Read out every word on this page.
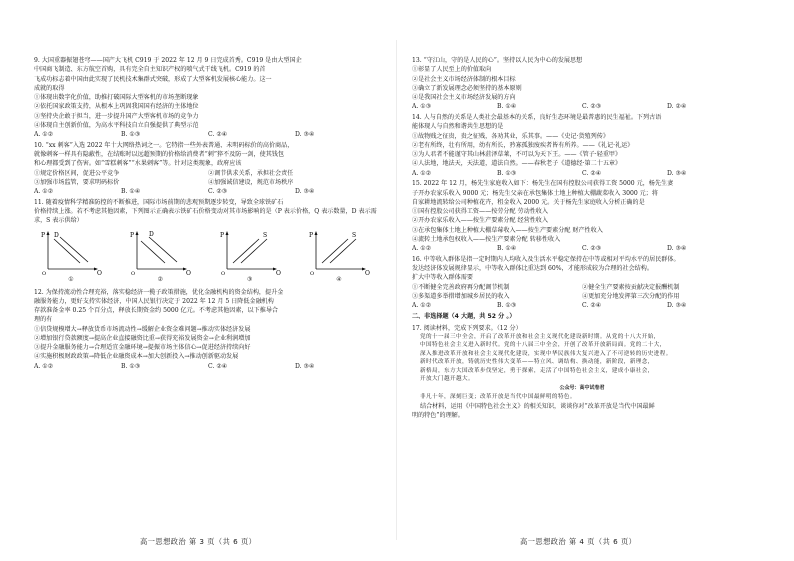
9. 大国重器振翅苍穹——国产大飞机 C919 于 2022 年 12 月 9 日完成首秀。C919 是由大型国企
中国商飞制造、东方航空首购，具有完全自主知识产权的喷气式干线飞机。C919 的首
飞成功标志着中国由此实现了民机技术集群式突破，形成了大型客机发展核心能力。这一
成就的取得
①体现出数字化价值，助推打破国际大型客机的市场垄断现象
②依托国家政策支持，从根本上巩固我国国有经济的主体地位
③坚持央企敢于担当，进一步提升国产大型客机市场的竞争力
④体现自主创新价值，为高水平科技自立自强提供了典型示范
A. ①②	B. ①③	C. ②④	D. ③④
10. “xx 刺客”入选 2022 年十大网络热词之一。它特指一些外表普通、未明码标价的高价商品，
就像刺客一样具有隐蔽性，在结账时以远超预期的价格给消费者“刺”猝不及防一剑，使其钱包
和心理都受到了伤害。如“雪糕刺客”“水果刺客”等。针对这类现象，政府应该
①规定价格区间，促进公平竞争	②调节供求关系，承担社会责任
③加强市场监管，要求明码标价	④加强诚信建设，规范市场秩序
A. ①②	B. ①④	C. ②③	D. ③④
11. 随着疫情科学精准防控的不断推进，国际市场前期的悲观预期逐步转变，导致全球铁矿石
价格持续上涨。若不考虑其他因素，下列图示正确表示铁矿石价格变动对其市场影响的是（P 表示价格，Q 表示数量，D 表示需求，S 表示供给）
P
Q
O
D
①
P
Q
O
D
②
P
Q
O
S
③
P
Q
O
S
④
12. 为保持流动性合理充裕，落实稳经济一揽子政策措施，优化金融机构的资金结构，提升金
融服务能力，更好支持实体经济，中国人民银行决定于 2022 年 12 月 5 日降低金融机构
存款准备金率 0.25 个百分点，释放长期资金约 5000 亿元。不考虑其他因素，以下推导合
理的有
①信贷规模增大→释放货币市场流动性→缓解企业资金难问题→推动实体经济发展
②增加银行贷款额度→提高企业直接融资比重→获得充裕发展资金→企业利润增加
③提升金融服务能力→合理适宜金融环境→提振市场主体信心→促进经济持续向好
④实施积极财政政策→降低企业融资成本→加大创新投入→推动创新驱动发展
A. ①②	B. ①③	C. ②④	D. ③④
13. “守江山，守的是人民的心”。坚持以人民为中心的发展思想
①彰显了人民至上的价值取向
②是社会主义市场经济体制的根本目标
③确立了新发展理念必须坚持的基本原则
④是我国社会主义市场经济发展的方向
A. ①③	B. ①④	C. ②③	D. ②④
14. 人与自然的关系是人类社会最基本的关系，良好生态环境是最普惠的民生福祉。下列古语
能体现人与自然和谐共生思想的是
①故物贱之征贵，贵之征贱，各劝其业，乐其事。——《史记·货殖列传》
②老有所终，壮有所用，幼有所长，矜寡孤独废疾者皆有所养。——《礼记·礼运》
③为人君者不能谨守其山林菹泽草莱，不可以为天下王。——《管子·轻重甲》
④人法地，地法天，天法道，道法自然。——春秋老子《道德经·第二十五章》
A. ①②	B. ①③	C. ②④	D. ③④
15. 2022 年 12 月，杨先生家庭收入如下：杨先生在国有控股公司获得工资 5000 元，杨先生妻
子开办农家乐收入 9000 元；杨先生父亲在承包集体土地上种植大棚蔬菜收入 3000 元；将
自家耕地流转给公司种植花卉，租金收入 2000 元。关于杨先生家庭收入分析正确的是
①国有控股公司获得工资——按劳分配 劳动性收入
②开办农家乐收入——按生产要素分配 经营性收入
③在承包集体土地上种植大棚草莓收入——按生产要素分配 财产性收入
④流转土地承包权收入——按生产要素分配 转移性收入
A. ①②	B. ①④	C. ②③	D. ③④
16. 中等收入群体是指一定时期内人均收入及生活水平稳定保持在中等或相对平均水平的居民群体。
发达经济体发展规律显示，中等收入群体比重达到 60%，才能形成较为合理的社会结构。
扩大中等收入群体需要
①不断健全完善政府再分配调节机制	②健全生产要素按贡献决定报酬机制
③多渠道多举措增加城乡居民的收入	④更加充分地发挥第三次分配的作用
A. ①②	B. ①③	C. ②④	D. ③④
二、非选择题（4 大题，共 52 分 。）
17. 阅读材料，完成下列要求。（12 分）
党的十一届三中全会，开启了改革开放和社会主义现代化建设新时期。从党的十八大开始，
中国特色社会主义进入新时代。党的十八届三中全会，开创了改革开放新局面。党的二十大，
深入推进改革开放和社会主义现代化建设，实现中华民族伟大复兴进入了不可逆转的历史进程。
新时代改革开放，铸就历史性伟大变革——特立风、调结构、换动能，新阶段，新理念，
新格局，东方大国改革步伐坚定，勇于探索，走活了中国特色社会主义，建成小康社会，
开放大门越开越大。
公众号：高中试卷君
非凡十年，深刻巨变；改革开放是当代中国最鲜明的特色。
结合材料，运用《中国特色社会主义》的相关知识，谈谈你对“改革开放是当代中国最鲜
明的特色”的理解。
高一思想政治 第 3 页（共 6 页）	高一思想政治 第 4 页（共 6 页）
